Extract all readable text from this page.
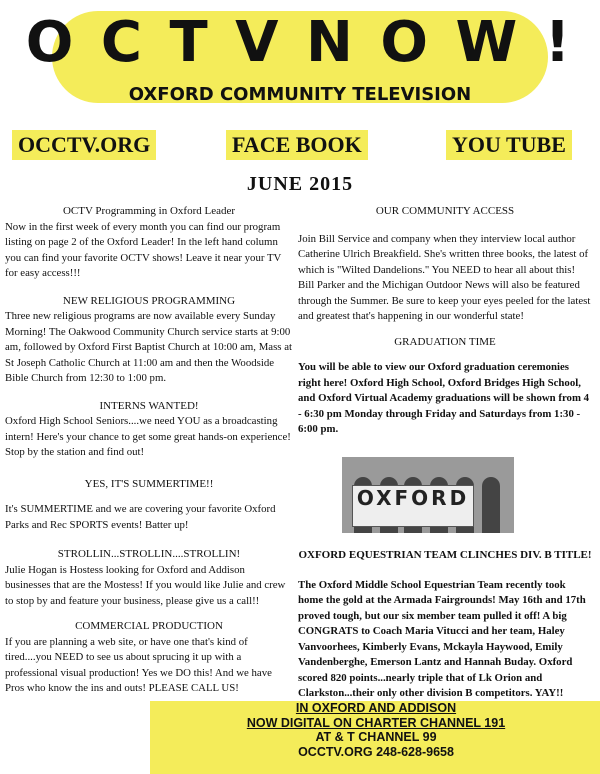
O C T V N O W !
OXFORD COMMUNITY TELEVISION
OCCTV.ORG	FACE BOOK	YOU TUBE
JUNE 2015

OCTV Programming in Oxford Leader

Now in the first week of every month you can find our program listing on page 2 of the Oxford Leader! In the left hand column you can find your favorite OCTV shows! Leave it near your TV for easy access!!!

NEW RELIGIOUS PROGRAMMING

Three new religious programs are now available every Sunday Morning! The Oakwood Community Church service starts at 9:00 am, followed by Oxford First Baptist Church at 10:00 am, Mass at St Joseph Catholic Church at 11:00 am and then the Woodside Bible Church from 12:30 to 1:00 pm.

INTERNS WANTED!

Oxford High School Seniors....we need YOU as a broadcasting intern! Here's your chance to get some great hands-on experience! Stop by the station and find out!

YES, IT'S SUMMERTIME!!

It's SUMMERTIME and we are covering your favorite Oxford Parks and Rec SPORTS events! Batter up!

STROLLIN...STROLLIN....STROLLIN!

Julie Hogan is Hostess looking for Oxford and Addison businesses that are the Mostess! If you would like Julie and crew to stop by and feature your business, please give us a call!!

COMMERCIAL PRODUCTION

If you are planning a web site, or have one that's kind of tired....you NEED to see us about sprucing it up with a professional visual production! Yes we DO this! And we have Pros who know the ins and outs! PLEASE CALL US!

OUR COMMUNITY ACCESS

Join Bill Service and company when they interview local author Catherine Ulrich Breakfield. She's written three books, the latest of which is "Wilted Dandelions." You NEED to hear all about this!

Bill Parker and the Michigan Outdoor News will also be featured through the Summer. Be sure to keep your eyes peeled for the latest and greatest that's happening in our wonderful state!

GRADUATION TIME

You will be able to view our Oxford graduation ceremonies right here! Oxford High School, Oxford Bridges High School, and Oxford Virtual Academy graduations will be shown from 4 - 6:30 pm Monday through Friday and Saturdays from 1:30 - 6:00 pm.

OXFORD

OXFORD EQUESTRIAN TEAM CLINCHES DIV. B TITLE!

The Oxford Middle School Equestrian Team recently took home the gold at the Armada Fairgrounds! May 16th and 17th proved tough, but our six member team pulled it off! A big CONGRATS to Coach Maria Vitucci and her team, Haley Vanvoorhees, Kimberly Evans, Mckayla Haywood, Emily Vandenberghe, Emerson Lantz and Hannah Buday. Oxford scored 820 points...nearly triple that of Lk Orion and Clarkston...their only other division B competitors. YAY!!

IN OXFORD AND ADDISON
NOW DIGITAL ON CHARTER CHANNEL 191
AT & T CHANNEL 99
OCCTV.ORG 248-628-9658
